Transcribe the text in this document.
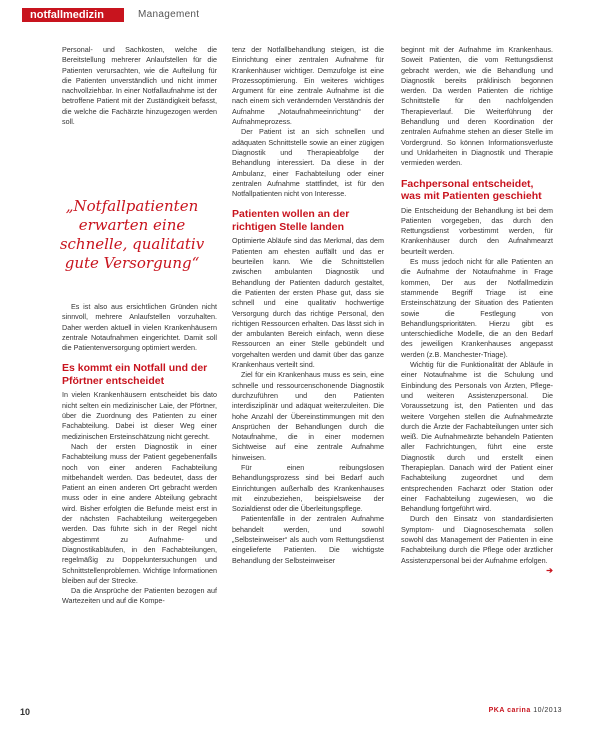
notfallmedizin	Management

Personal- und Sachkosten, welche die Bereitstellung mehrerer Anlaufstellen für die Patienten verursachten, wie die Aufteilung für die Patienten unverständlich und nicht immer nachvollziehbar. In einer Notfallaufnahme ist der betroffene Patient mit der Zuständigkeit befasst, die welche die Fachärzte hinzugezogen werden soll.

„Notfallpatienten erwarten eine schnelle, qualitativ gute Versorgung“

Es ist also aus ersichtlichen Gründen nicht sinnvoll, mehrere Anlaufstellen vorzuhalten. Daher werden aktuell in vielen Krankenhäusern zentrale Notaufnahmen eingerichtet. Damit soll die Patientenversorgung optimiert werden.

Es kommt ein Notfall und der Pförtner entscheidet

In vielen Krankenhäusern entscheidet bis dato nicht selten ein medizinischer Laie, der Pförtner, über die Zuordnung des Patienten zu einer Fachabteilung. Dabei ist dieser Weg einer medizinischen Ersteinschätzung nicht gerecht.

Nach der ersten Diagnostik in einer Fachabteilung muss der Patient gegebenenfalls noch von einer anderen Fachabteilung mitbehandelt werden. Das bedeutet, dass der Patient an einen anderen Ort gebracht werden muss oder in eine andere Abteilung gebracht wird. Bisher erfolgten die Befunde meist erst in der nächsten Fachabteilung weitergegeben werden. Das führte sich in der Regel nicht abgestimmt zu Aufnahme- und Diagnostikabläufen, in den Fachabteilungen, regelmäßig zu Doppeluntersuchungen und Schnittstellenproblemen. Wichtige Informationen bleiben auf der Strecke.

Da die Ansprüche der Patienten bezogen auf Wartezeiten und auf die Kompe-

tenz der Notfallbehandlung steigen, ist die Einrichtung einer zentralen Aufnahme für Krankenhäuser wichtiger. Demzufolge ist eine Prozessoptimierung. Ein weiteres wichtiges Argument für eine zentrale Aufnahme ist die nach einem sich verändernden Verständnis der Aufnahme „Notaufnahmeeinrichtung“ der Aufnahmeprozess.

Der Patient ist an sich schnellen und adäquaten Schnittstelle sowie an einer zügigen Diagnostik und Therapieabfolge der Behandlung interessiert. Da diese in der Ambulanz, einer Fachabteilung oder einer zentralen Aufnahme stattfindet, ist für den Notfallpatienten nicht von Interesse.

Patienten wollen an der richtigen Stelle landen

Optimierte Abläufe sind das Merkmal, das dem Patienten am ehesten auffällt und das er beurteilen kann. Wie die Schnittstellen zwischen ambulanten Diagnostik und Behandlung der Patienten dadurch gestaltet, die Patienten der ersten Phase gut, dass sie schnell und eine qualitativ hochwertige Versorgung durch das richtige Personal, den richtigen Ressourcen erhalten. Das lässt sich in der ambulanten Bereich einfach, wenn diese Ressourcen an einer Stelle gebündelt und vorgehalten werden und damit über das ganze Krankenhaus verteilt sind.

Ziel für ein Krankenhaus muss es sein, eine schnelle und ressourcenschonende Diagnostik durchzuführen und den Patienten interdisziplinär und adäquat weiterzuleiten. Die hohe Anzahl der Übereinstimmungen mit den Ansprüchen der Behandlungen durch die Notaufnahme, die in einer modernen Sichtweise auf eine zentrale Aufnahme hinweisen.

Für einen reibungslosen Behandlungsprozess sind bei Bedarf auch Einrichtungen außerhalb des Krankenhauses mit einzubeziehen, beispielsweise der Sozialdienst oder die Überleitungspflege.

Patientenfälle in der zentralen Aufnahme behandelt werden, und sowohl „Selbsteinweiser“ als auch vom Rettungsdienst eingelieferte Patienten. Die wichtigste Behandlung der Selbsteinweiser

beginnt mit der Aufnahme im Krankenhaus. Soweit Patienten, die vom Rettungsdienst gebracht werden, wie die Behandlung und Diagnostik bereits präklinisch begonnen werden. Da werden Patienten die richtige Schnittstelle für den nachfolgenden Therapieverlauf. Die Weiterführung der Behandlung und deren Koordination der zentralen Aufnahme stehen an dieser Stelle im Vordergrund. So können Informationsverluste und Unklarheiten in Diagnostik und Therapie vermieden werden.

Fachpersonal entscheidet, was mit Patienten geschieht

Die Entscheidung der Behandlung ist bei dem Patienten vorgegeben, das durch den Rettungsdienst vorbestimmt werden, für Krankenhäuser durch den Aufnahmearzt beurteilt werden.

Es muss jedoch nicht für alle Patienten an die Aufnahme der Notaufnahme in Frage kommen, Der aus der Notfallmedizin stammende Begriff Triage ist eine Ersteinschätzung der Situation des Patienten sowie die Festlegung von Behandlungsprioritäten. Hierzu gibt es unterschiedliche Modelle, die an den Bedarf des jeweiligen Krankenhauses angepasst werden (z.B. Manchester-Triage).

Wichtig für die Funktionalität der Abläufe in einer Notaufnahme ist die Schulung und Einbindung des Personals von Ärzten, Pflege- und weiteren Assistenzpersonal. Die Voraussetzung ist, den Patienten und das weitere Vorgehen stellen die Aufnahmeärzte durch die Ärzte der Fachabteilungen unter sich weiß. Die Aufnahmeärzte behandeln Patienten aller Fachrichtungen, führt eine erste Diagnostik durch und erstellt einen Therapieplan. Danach wird der Patient einer Fachabteilung zugeordnet und dem entsprechenden Facharzt oder Station oder einer Fachabteilung zugewiesen, wo die Behandlung fortgeführt wird.

Durch den Einsatz von standardisierten Symptom- und Diagnoseschemata sollen sowohl das Management der Patienten in eine Fachabteilung durch die Pflege oder ärztlicher Assistenzpersonal bei der Aufnahme erfolgen.
➔

10	PKA carina 10/2013
